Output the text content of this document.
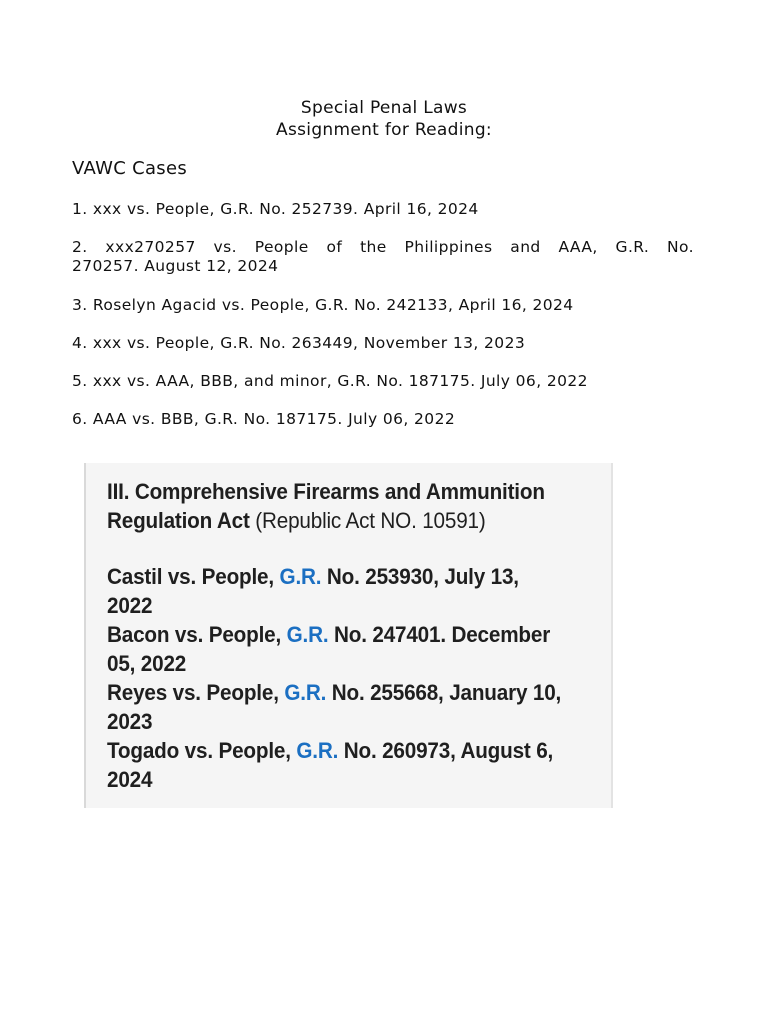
Special Penal Laws
Assignment for Reading:
VAWC Cases

1. xxx vs. People, G.R. No. 252739. April 16, 2024

2. xxx270257 vs. People of the Philippines and AAA, G.R. No.
270257. August 12, 2024

3. Roselyn Agacid vs. People, G.R. No. 242133, April 16, 2024

4. xxx vs. People, G.R. No. 263449, November 13, 2023

5. xxx vs. AAA, BBB, and minor, G.R. No. 187175. July 06, 2022

6. AAA vs. BBB, G.R. No. 187175. July 06, 2022

III. Comprehensive Firearms and Ammunition
Regulation Act (Republic Act NO. 10591)
Castil vs. People, G.R. No. 253930, July 13,
2022
Bacon vs. People, G.R. No. 247401. December
05, 2022
Reyes vs. People, G.R. No. 255668, January 10,
2023
Togado vs. People, G.R. No. 260973, August 6,
2024
